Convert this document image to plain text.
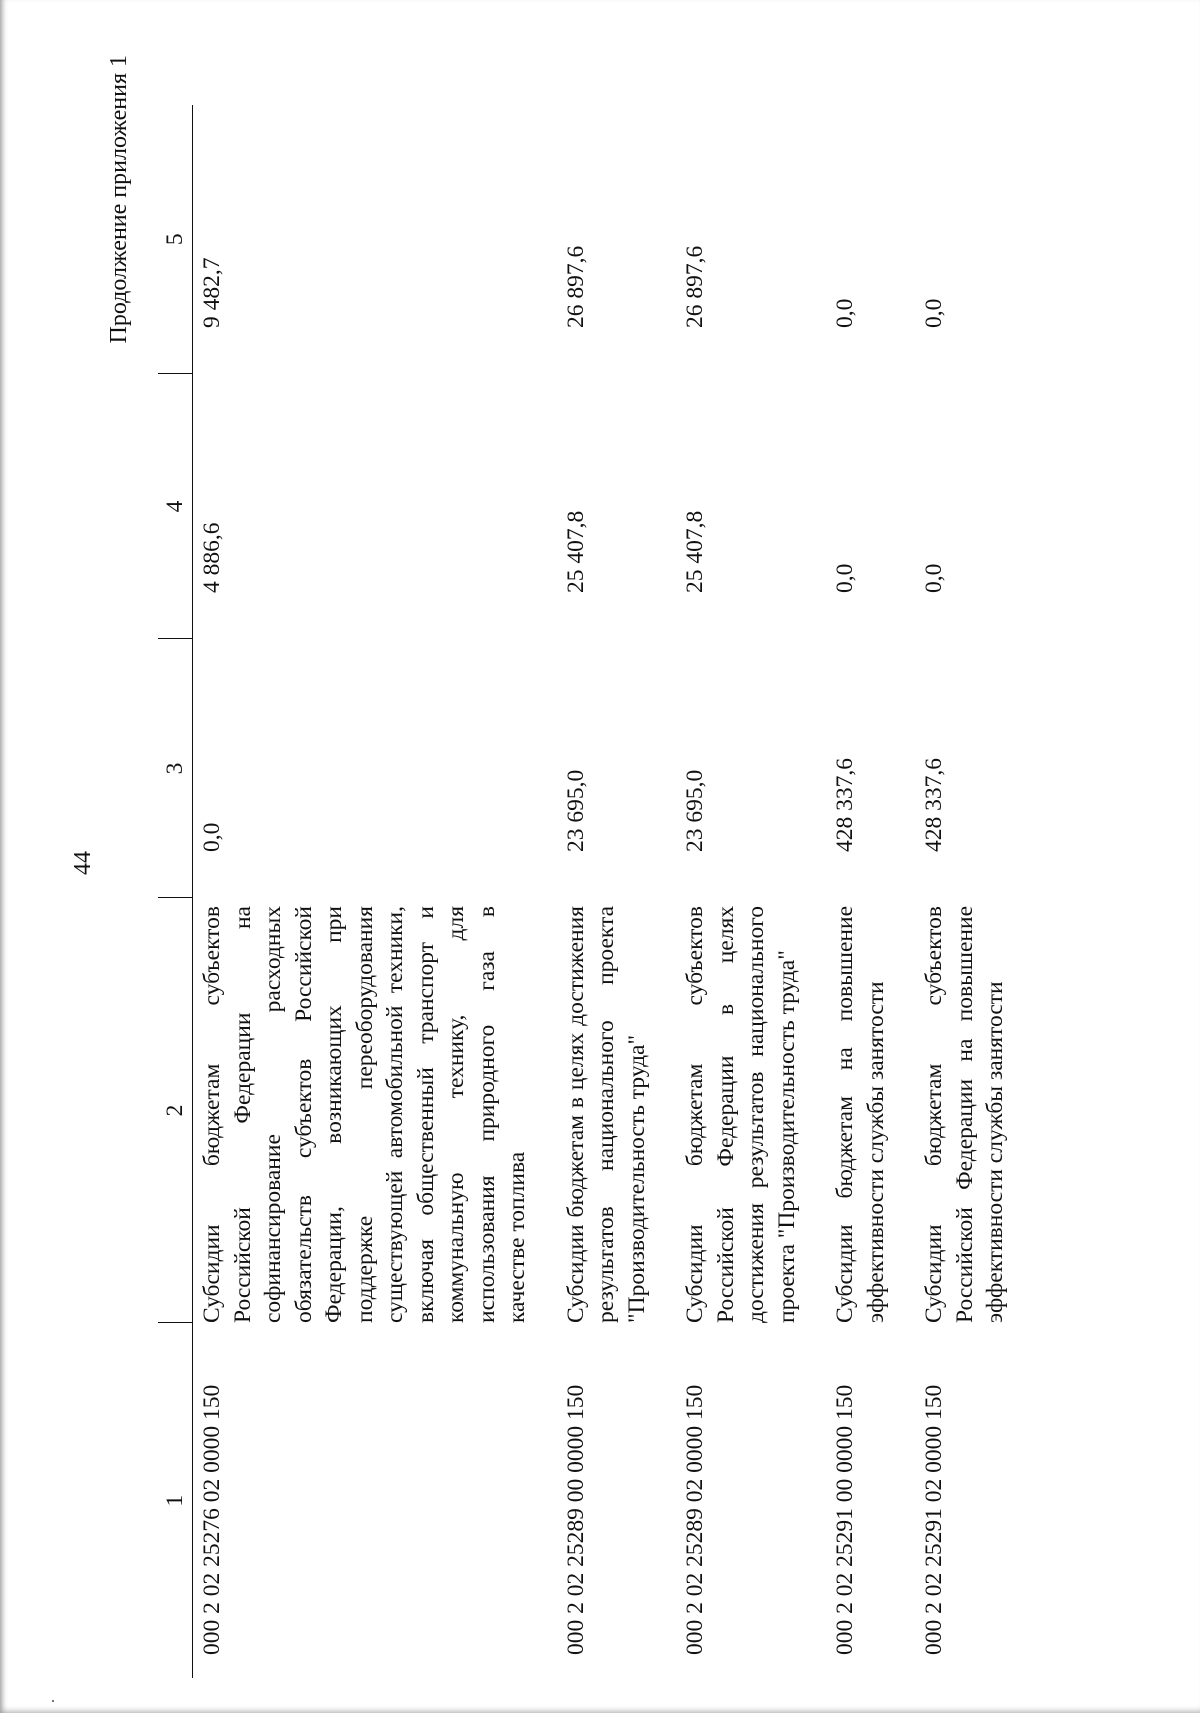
44
Продолжение приложения 1
1	2	3	4	5
000 2 02 25276 02 0000 150	Субсидии бюджетам субъектов Российской Федерации на софинансирование расходных обязательств субъектов Российской Федерации, возникающих при поддержке переоборудования существующей автомобильной техники, включая общественный транспорт и коммунальную технику, для использования природного газа в качестве топлива	0,0	4 886,6	9 482,7
000 2 02 25289 00 0000 150	Субсидии бюджетам в целях достижения результатов национального проекта "Производительность труда"	23 695,0	25 407,8	26 897,6
000 2 02 25289 02 0000 150	Субсидии бюджетам субъектов Российской Федерации в целях достижения результатов национального проекта "Производительность труда"	23 695,0	25 407,8	26 897,6
000 2 02 25291 00 0000 150	Субсидии бюджетам на повышение эффективности службы занятости	428 337,6	0,0	0,0
000 2 02 25291 02 0000 150	Субсидии бюджетам субъектов Российской Федерации на повышение эффективности службы занятости	428 337,6	0,0	0,0
